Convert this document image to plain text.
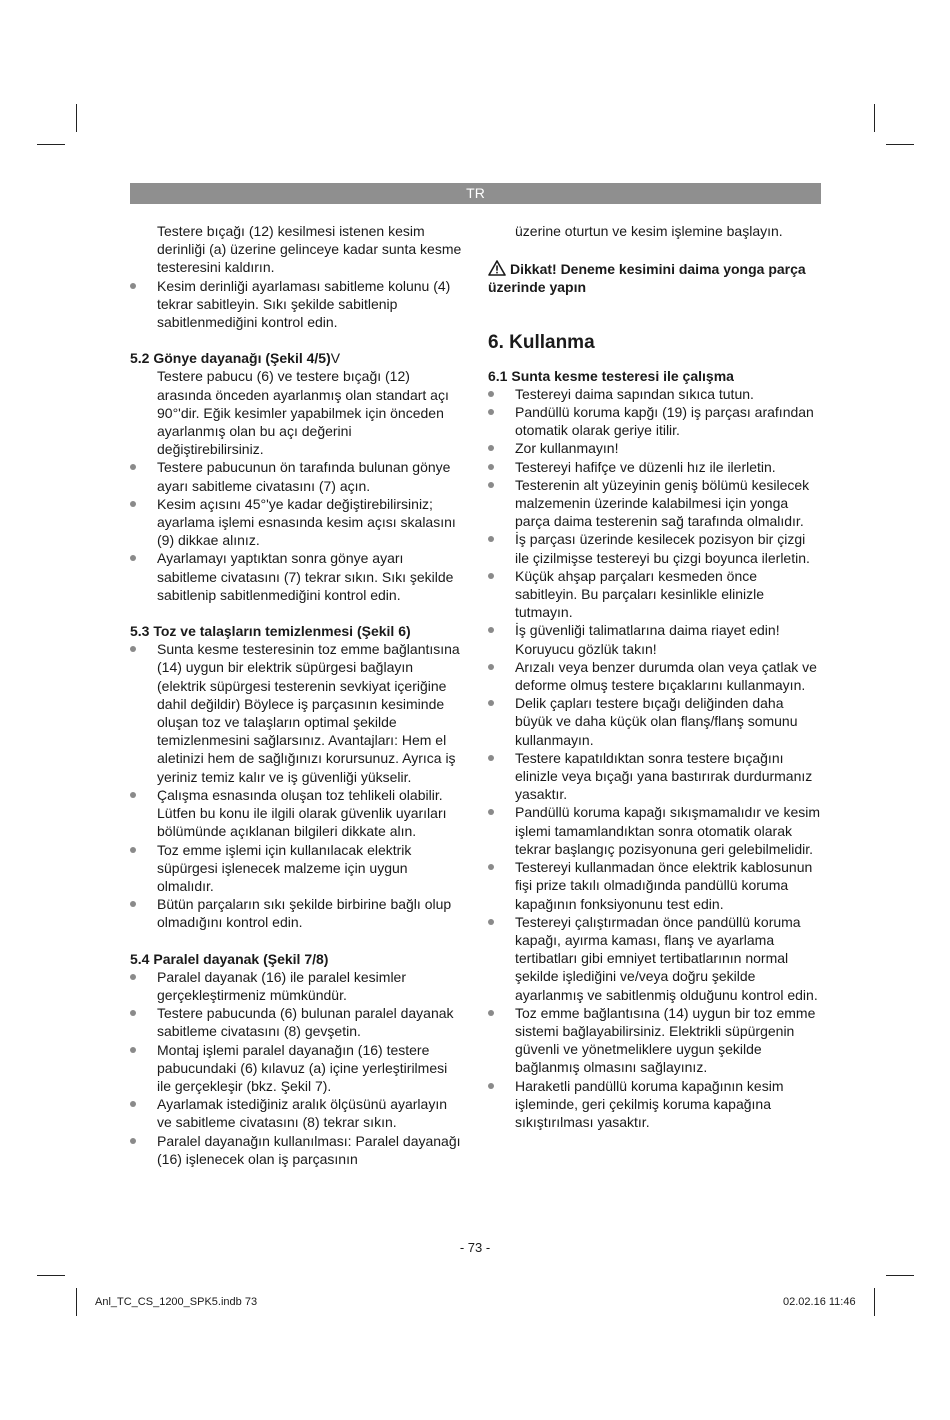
TR

Testere bıçağı (12) kesilmesi istenen kesim derinliği (a) üzerine gelinceye kadar sunta kesme testeresini kaldırın.

Kesim derinliği ayarlaması sabitleme kolunu (4) tekrar sabitleyin. Sıkı şekilde sabitlenip sabitlenmediğini kontrol edin.

5.2 Gönye dayanağı (Şekil 4/5)V

Testere pabucu (6) ve testere bıçağı (12) arasında önceden ayarlanmış olan standart açı 90°'dir. Eğik kesimler yapabilmek için önceden ayarlanmış olan bu açı değerini değiştirebilirsiniz.

Testere pabucunun ön tarafında bulunan gönye ayarı sabitleme civatasını (7) açın.
Kesim açısını 45°'ye kadar değiştirebilirsiniz; ayarlama işlemi esnasında kesim açısı skalasını (9) dikkae alınız.
Ayarlamayı yaptıktan sonra gönye ayarı sabitleme civatasını (7) tekrar sıkın. Sıkı şekilde sabitlenip sabitlenmediğini kontrol edin.

5.3 Toz ve talaşların temizlenmesi (Şekil 6)

Sunta kesme testeresinin toz emme bağlantısına (14) uygun bir elektrik süpürgesi bağlayın (elektrik süpürgesi testerenin sevkiyat içeriğine dahil değildir) Böylece iş parçasının kesiminde oluşan toz ve talaşların optimal şekilde temizlenmesini sağlarsınız. Avantajları: Hem el aletinizi hem de sağlığınızı korursunuz. Ayrıca iş yeriniz temiz kalır ve iş güvenliği yükselir.
Çalışma esnasında oluşan toz tehlikeli olabilir. Lütfen bu konu ile ilgili olarak güvenlik uyarıları bölümünde açıklanan bilgileri dikkate alın.
Toz emme işlemi için kullanılacak elektrik süpürgesi işlenecek malzeme için uygun olmalıdır.
Bütün parçaların sıkı şekilde birbirine bağlı olup olmadığını kontrol edin.

5.4 Paralel dayanak (Şekil 7/8)

Paralel dayanak (16) ile paralel kesimler gerçekleştirmeniz mümkündür.
Testere pabucunda (6) bulunan paralel dayanak sabitleme civatasını (8) gevşetin.
Montaj işlemi paralel dayanağın (16) testere pabucundaki (6) kılavuz (a) içine yerleştirilmesi ile gerçekleşir (bkz. Şekil 7).
Ayarlamak istediğiniz aralık ölçüsünü ayarlayın ve sabitleme civatasını (8) tekrar sıkın.
Paralel dayanağın kullanılması: Paralel dayanağı (16) işlenecek olan iş parçasının

üzerine oturtun ve kesim işlemine başlayın.

Dikkat! Deneme kesimini daima yonga parça üzerinde yapın

6. Kullanma

6.1 Sunta kesme testeresi ile çalışma

Testereyi daima sapından sıkıca tutun.
Pandüllü koruma kapğı (19) iş parçası arafından otomatik olarak geriye itilir.
Zor kullanmayın!
Testereyi hafifçe ve düzenli hız ile ilerletin.
Testerenin alt yüzeyinin geniş bölümü kesilecek malzemenin üzerinde kalabilmesi için yonga parça daima testerenin sağ tarafında olmalıdır.
İş parçası üzerinde kesilecek pozisyon bir çizgi ile çizilmişse testereyi bu çizgi boyunca ilerletin.
Küçük ahşap parçaları kesmeden önce sabitleyin. Bu parçaları kesinlikle elinizle tutmayın.
İş güvenliği talimatlarına daima riayet edin! Koruyucu gözlük takın!
Arızalı veya benzer durumda olan veya çatlak ve deforme olmuş testere bıçaklarını kullanmayın.
Delik çapları testere bıçağı deliğinden daha büyük ve daha küçük olan flanş/flanş somunu kullanmayın.
Testere kapatıldıktan sonra testere bıçağını elinizle veya bıçağı yana bastırırak durdurmanız yasaktır.
Pandüllü koruma kapağı sıkışmamalıdır ve kesim işlemi tamamlandıktan sonra otomatik olarak tekrar başlangıç pozisyonuna geri gelebilmelidir.
Testereyi kullanmadan önce elektrik kablosunun fişi prize takılı olmadığında pandüllü koruma kapağının fonksiyonunu test edin.
Testereyi çalıştırmadan önce pandüllü koruma kapağı, ayırma kaması, flanş ve ayarlama tertibatları gibi emniyet tertibatlarının normal şekilde işlediğini ve/veya doğru şekilde ayarlanmış ve sabitlenmiş olduğunu kontrol edin.
Toz emme bağlantısına (14) uygun bir toz emme sistemi bağlayabilirsiniz. Elektrikli süpürgenin güvenli ve yönetmeliklere uygun şekilde bağlanmış olmasını sağlayınız.
Haraketli pandüllü koruma kapağının kesim işleminde, geri çekilmiş koruma kapağına sıkıştırılması yasaktır.
- 73 -
Anl_TC_CS_1200_SPK5.indb 73	02.02.16 11:46
